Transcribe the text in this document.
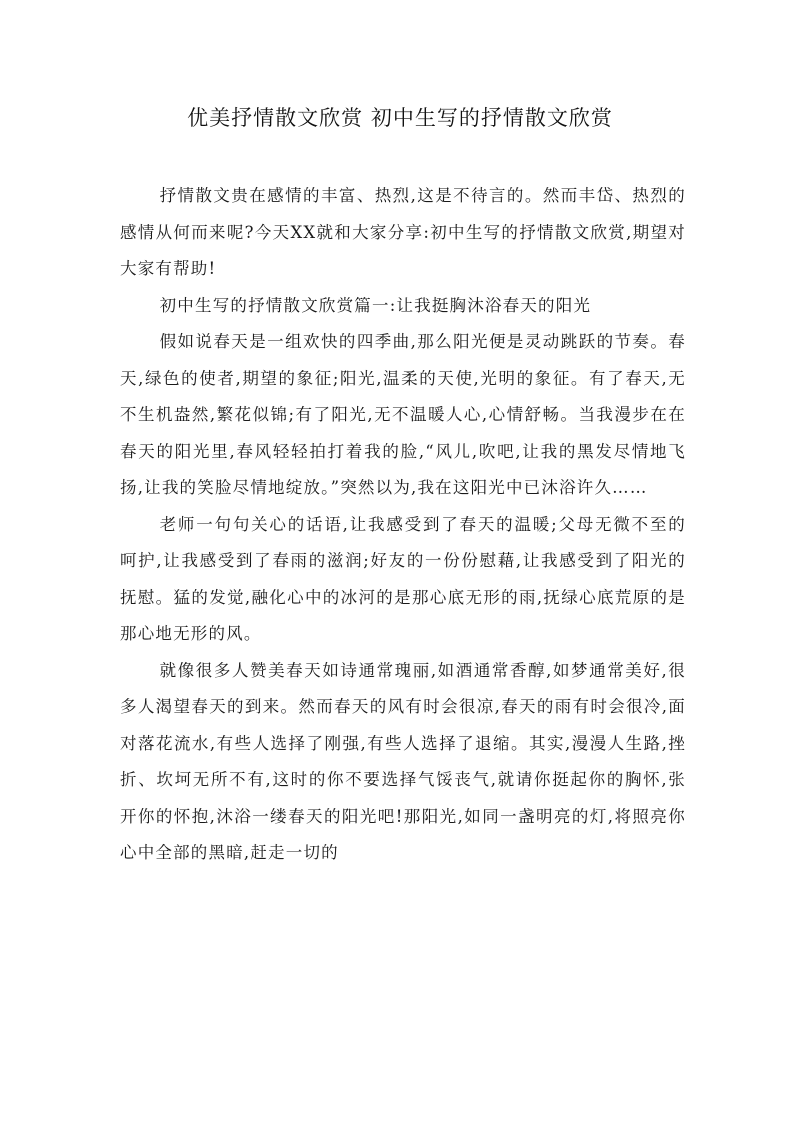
优美抒情散文欣赏 初中生写的抒情散文欣赏

抒情散文贵在感情的丰富、热烈,这是不待言的。然而丰岱、热烈的感情从何而来呢?今天XX就和大家分享:初中生写的抒情散文欣赏,期望对大家有帮助!

初中生写的抒情散文欣赏篇一:让我挺胸沐浴春天的阳光

假如说春天是一组欢快的四季曲,那么阳光便是灵动跳跃的节奏。春天,绿色的使者,期望的象征;阳光,温柔的天使,光明的象征。有了春天,无不生机盎然,繁花似锦;有了阳光,无不温暖人心,心情舒畅。当我漫步在在春天的阳光里,春风轻轻拍打着我的脸,“风儿,吹吧,让我的黑发尽情地飞扬,让我的笑脸尽情地绽放。”突然以为,我在这阳光中已沐浴许久……

老师一句句关心的话语,让我感受到了春天的温暖;父母无微不至的呵护,让我感受到了春雨的滋润;好友的一份份慰藉,让我感受到了阳光的抚慰。猛的发觉,融化心中的冰河的是那心底无形的雨,抚绿心底荒原的是那心地无形的风。

就像很多人赞美春天如诗通常瑰丽,如酒通常香醇,如梦通常美好,很多人渴望春天的到来。然而春天的风有时会很凉,春天的雨有时会很冷,面对落花流水,有些人选择了刚强,有些人选择了退缩。其实,漫漫人生路,挫折、坎坷无所不有,这时的你不要选择气馁丧气,就请你挺起你的胸怀,张开你的怀抱,沐浴一缕春天的阳光吧!那阳光,如同一盏明亮的灯,将照亮你心中全部的黑暗,赶走一切的
